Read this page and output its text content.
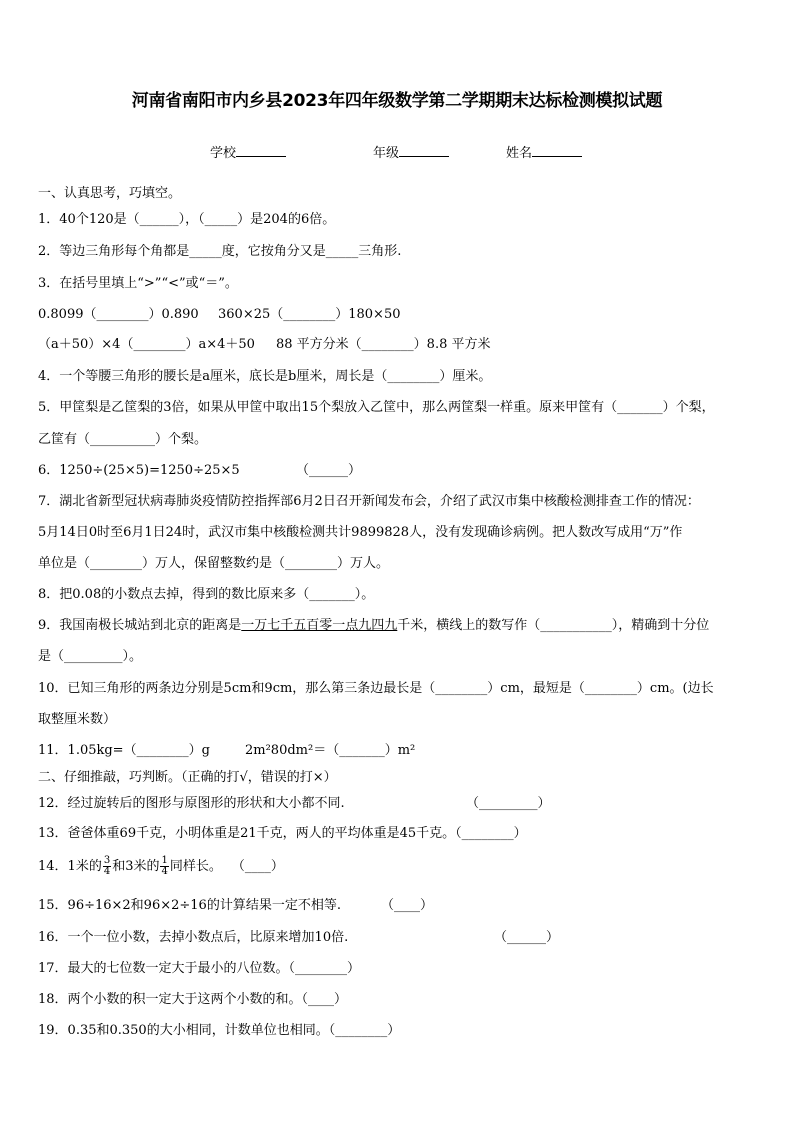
河南省南阳市内乡县2023年四年级数学第二学期期末达标检测模拟试题
学校	年级	姓名
一、认真思考，巧填空。
1．40个120是（______），（_____）是204的6倍。
2．等边三角形每个角都是_____度，它按角分又是_____三角形.
3．在括号里填上“>”“<”或“＝”。
0.8099（________）0.890 360×25（________）180×50
（a＋50）×4（________）a×4＋50 88 平方分米（________）8.8 平方米
4．一个等腰三角形的腰长是a厘米，底长是b厘米，周长是（________）厘米。
5．甲筐梨是乙筐梨的3倍，如果从甲筐中取出15个梨放入乙筐中，那么两筐梨一样重。原来甲筐有（_______）个梨，
乙筐有（__________）个梨。
6．1250÷(25×5)=1250÷25×5	（______）
7．湖北省新型冠状病毒肺炎疫情防控指挥部6月2日召开新闻发布会，介绍了武汉市集中核酸检测排查工作的情况：
5月14日0时至6月1日24时，武汉市集中核酸检测共计9899828人，没有发现确诊病例。把人数改写成用“万”作
单位是（________）万人，保留整数约是（________）万人。
8．把0.08的小数点去掉，得到的数比原来多（_______）。
9．我国南极长城站到北京的距离是一万七千五百零一点九四九千米，横线上的数写作（___________），精确到十分位
是（_________）。
10．已知三角形的两条边分别是5cm和9cm，那么第三条边最长是（________）cm，最短是（________）cm。(边长
取整厘米数）
11．1.05kg=（________）g	2m²80dm²＝（_______）m²
二、仔细推敲，巧判断。（正确的打√，错误的打×）
12．经过旋转后的图形与原图形的形状和大小都不同.	（_________）
13．爸爸体重69千克，小明体重是21千克，两人的平均体重是45千克。（________）
14．1米的 $\frac{3}{4}$ 和3米的 $\frac{1}{4}$ 同样长。 （____）
15．96÷16×2和96×2÷16的计算结果一定不相等.	（____）
16．一个一位小数，去掉小数点后，比原来增加10倍.	（______）
17．最大的七位数一定大于最小的八位数。（________）
18．两个小数的积一定大于这两个小数的和。（____）
19．0.35和0.350的大小相同，计数单位也相同。（________）
